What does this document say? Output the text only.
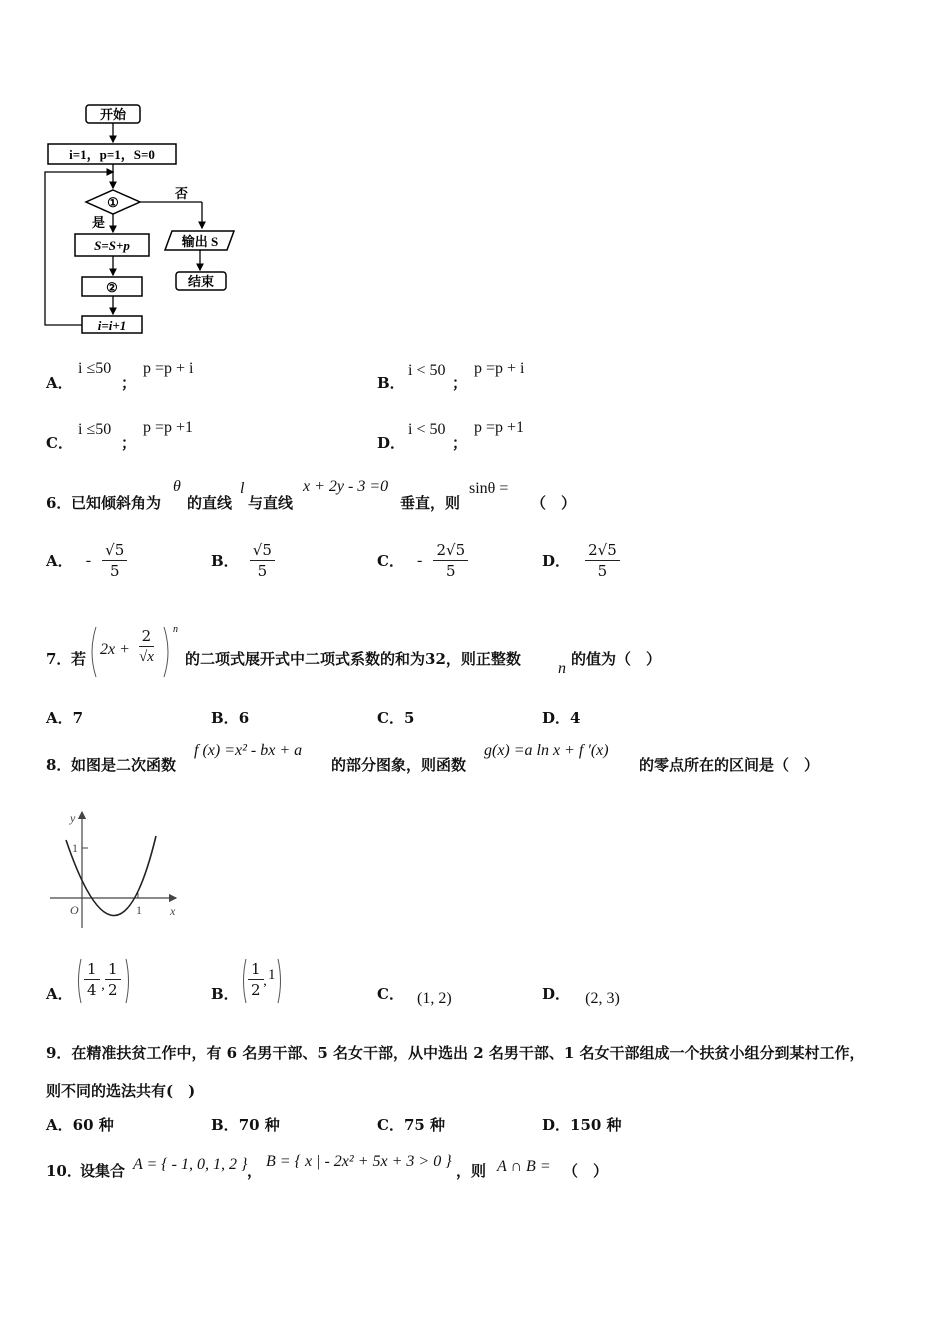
开始
i=1，p=1，S=0
①
否
输出 S
结束
是
S=S+p
②
i=i+1
A．
i ≤50
；
p =p + i
B．
i < 50
；
p =p + i
C．
i ≤50
；
p =p +1
D．
i < 50
；
p =p +1
6． 已知倾斜角为
θ
的直线
l
与直线
x + 2y - 3 =0
垂直，则
sinθ =
（　）
A． - $\frac{√5}{5}$	B． $\frac{√5}{5}$	C． - $\frac{2√5}{5}$	D． $\frac{2√5}{5}$
7． 若
$2x + \frac{2}{√x}$ n
的二项式展开式中二项式系数的和为32，则正整数
n
的值为（　）
A．7	B．6	C．5	D．4
8． 如图是二次函数
f (x) =x² - bx + a
的部分图象，则函数
g(x) =a ln x + f ′(x)
的零点所在的区间是（　）
y
x
O	1
1
A． ,
$\frac{1}{4} \frac{1}{2}$	B．
,
$\frac{1}{2} 1$
C． (1, 2)	D． (2, 3)
9．在精准扶贫工作中，有 6 名男干部、5 名女干部，从中选出 2 名男干部、1 名女干部组成一个扶贫小组分到某村工作，
则不同的选法共有(　)
A．60 种	B．70 种	C．75 种	D．150 种
10．
设集合 A = { - 1, 0, 1, 2 } ，
B = { x | - 2x² + 5x + 3 > 0 }
，则 A ∩ B = （　）
